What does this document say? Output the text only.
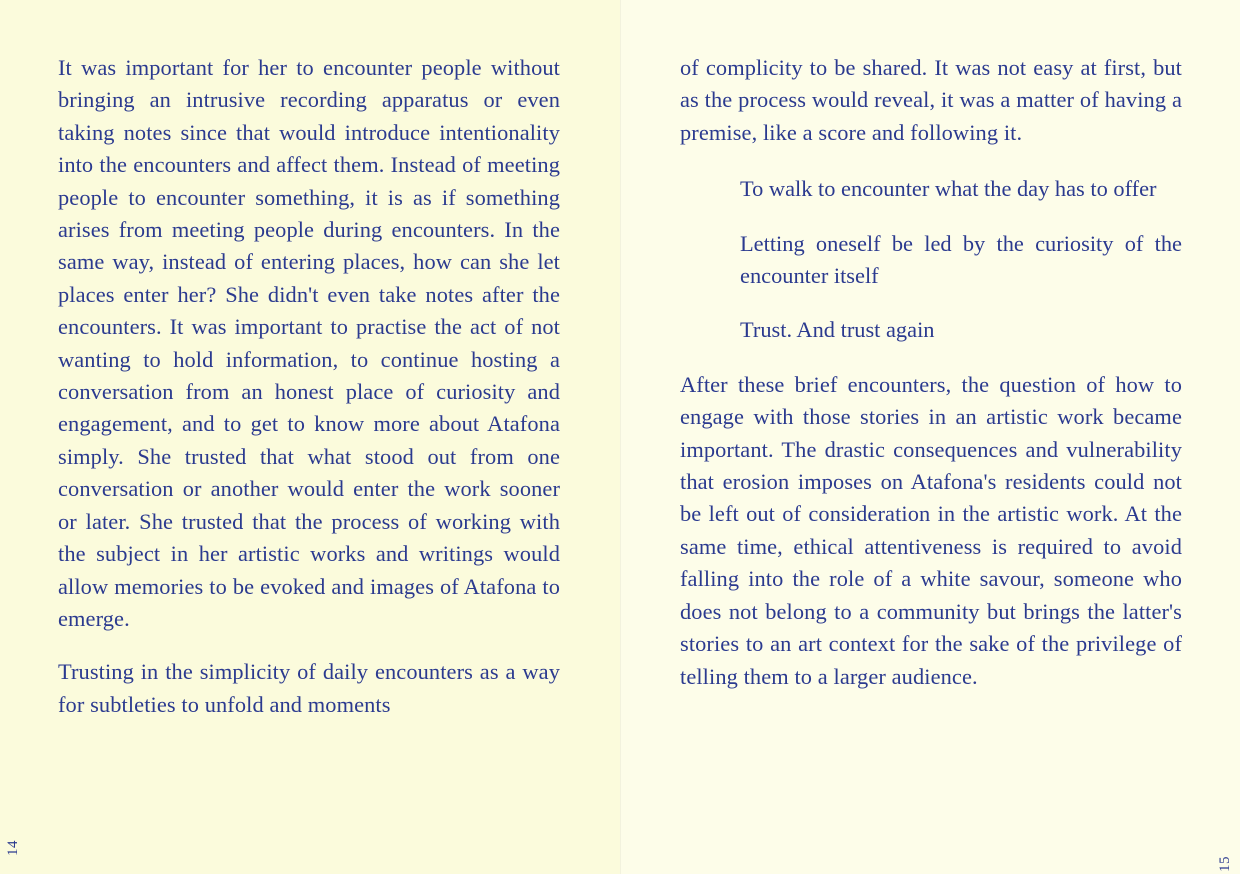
It was important for her to encounter people without bringing an intrusive recording apparatus or even taking notes since that would introduce intentionality into the encounters and affect them. Instead of meeting people to encounter something, it is as if something arises from meeting people during encounters. In the same way, instead of entering places, how can she let places enter her? She didn't even take notes after the encounters. It was important to practise the act of not wanting to hold information, to continue hosting a conversation from an honest place of curiosity and engagement, and to get to know more about Atafona simply. She trusted that what stood out from one conversation or another would enter the work sooner or later. She trusted that the process of working with the subject in her artistic works and writings would allow memories to be evoked and images of Atafona to emerge.

Trusting in the simplicity of daily encounters as a way for subtleties to unfold and moments

14

of complicity to be shared. It was not easy at first, but as the process would reveal, it was a matter of having a premise, like a score and following it.

To walk to encounter what the day has to offer
Letting oneself be led by the curiosity of the encounter itself
Trust. And trust again

After these brief encounters, the question of how to engage with those stories in an artistic work became important. The drastic consequences and vulnerability that erosion imposes on Atafona's residents could not be left out of consideration in the artistic work. At the same time, ethical attentiveness is required to avoid falling into the role of a white savour, someone who does not belong to a community but brings the latter's stories to an art context for the sake of the privilege of telling them to a larger audience.

15
